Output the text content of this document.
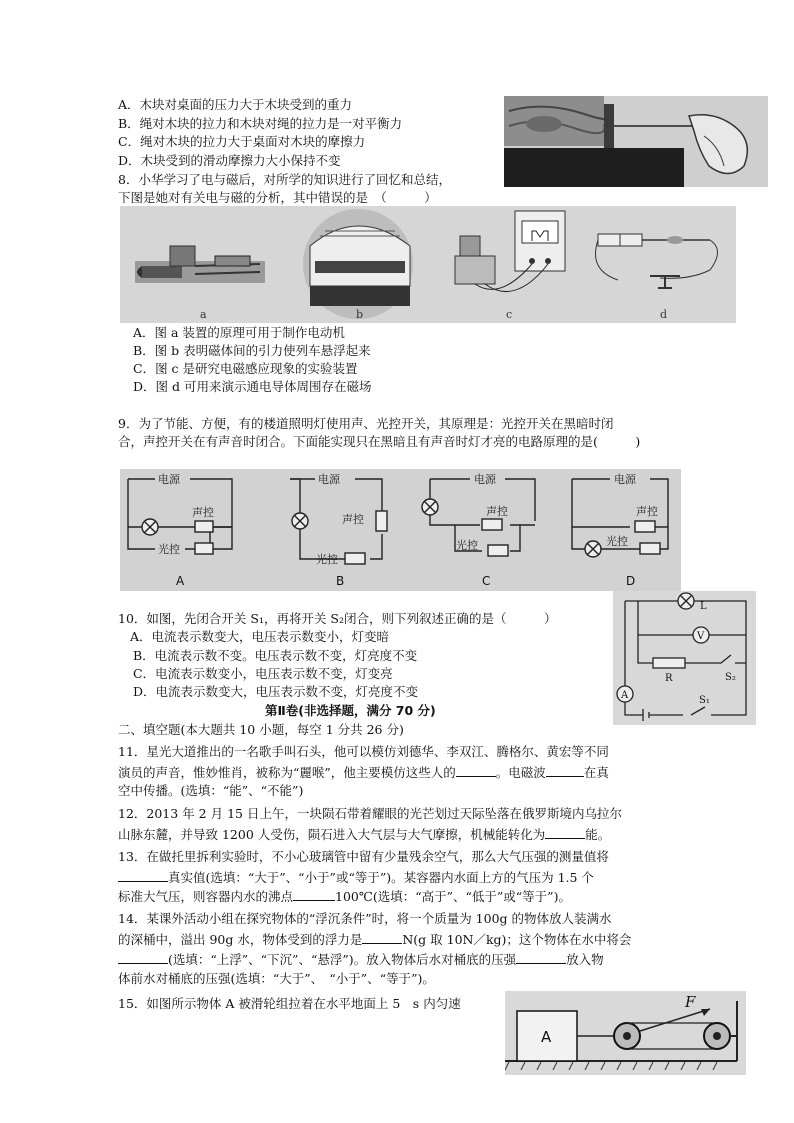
A．木块对桌面的压力大于木块受到的重力
B．绳对木块的拉力和木块对绳的拉力是一对平衡力
C．绳对木块的拉力大于桌面对木块的摩擦力
D．木块受到的滑动摩擦力大小保持不变
8．小华学习了电与磁后，对所学的知识进行了回忆和总结，
下图是她对有关电与磁的分析，其中错误的是　（　　　）
a	b	c	d
A．图 a 装置的原理可用于制作电动机
B．图 b 表明磁体间的引力使列车悬浮起来
C．图 c 是研究电磁感应现象的实验装置
D．图 d 可用来演示通电导体周围存在磁场
9．为了节能、方便，有的楼道照明灯使用声、光控开关，其原理是：光控开关在黑暗时闭
合，声控开关在有声音时闭合。下面能实现只在黑暗且有声音时灯才亮的电路原理的是(　　　)
电源
声控
光控
电源
声控
光控
电源
声控
光控
电源
声控
光控
A	B	C	D
10．如图，先闭合开关 S₁，再将开关 S₂闭合，则下列叙述正确的是（　　　）
A．电流表示数变大，电压表示数变小，灯变暗
B．电流表示数不变。电压表示数不变，灯亮度不变
C．电流表示数变小，电压表示数不变，灯变亮
D．电流表示数变大，电压表示数不变，灯亮度不变
L
V
A
R	S₂
S₁
第Ⅱ卷(非选择题，满分 70 分)
二、填空题(本大题共 10 小题，每空 1 分共 26 分)
11．星光大道推出的一名歌手叫石头，他可以模仿刘德华、李双江、腾格尔、黄宏等不同
演员的声音，惟妙惟肖，被称为“麗喉”，他主要模仿这些人的	。电磁波	在真
空中传播。(选填：“能”、“不能”)
12．2013 年 2 月 15 日上午，一块陨石带着耀眼的光芒划过天际坠落在俄罗斯境内乌拉尔
山脉东麓，并导致 1200 人受伤，陨石进入大气层与大气摩擦，机械能转化为	能。
13．在做托里拆利实验时，不小心玻璃管中留有少量残余空气，那么大气压强的测量值将
真实值(选填：“大于”、“小于”或“等于”)。某容器内水面上方的气压为 1.5 个
标准大气压，则容器内水的沸点	100℃(选填：“高于”、“低于”或“等于”)。
14．某课外活动小组在探究物体的“浮沉条件”时，将一个质量为 100g 的物体放人装满水
的深桶中，溢出 90g 水，物体受到的浮力是	N(g 取 10N／kg)；这个物体在水中将会
(选填：“上浮”、“下沉”、“悬浮”)。放入物体后水对桶底的压强	放入物
体前水对桶底的压强(选填：“大于”、　“小于”、“等于”)。
15．如图所示物体 A 被滑轮组拉着在水平地面上 5　s 内匀速
A
F
